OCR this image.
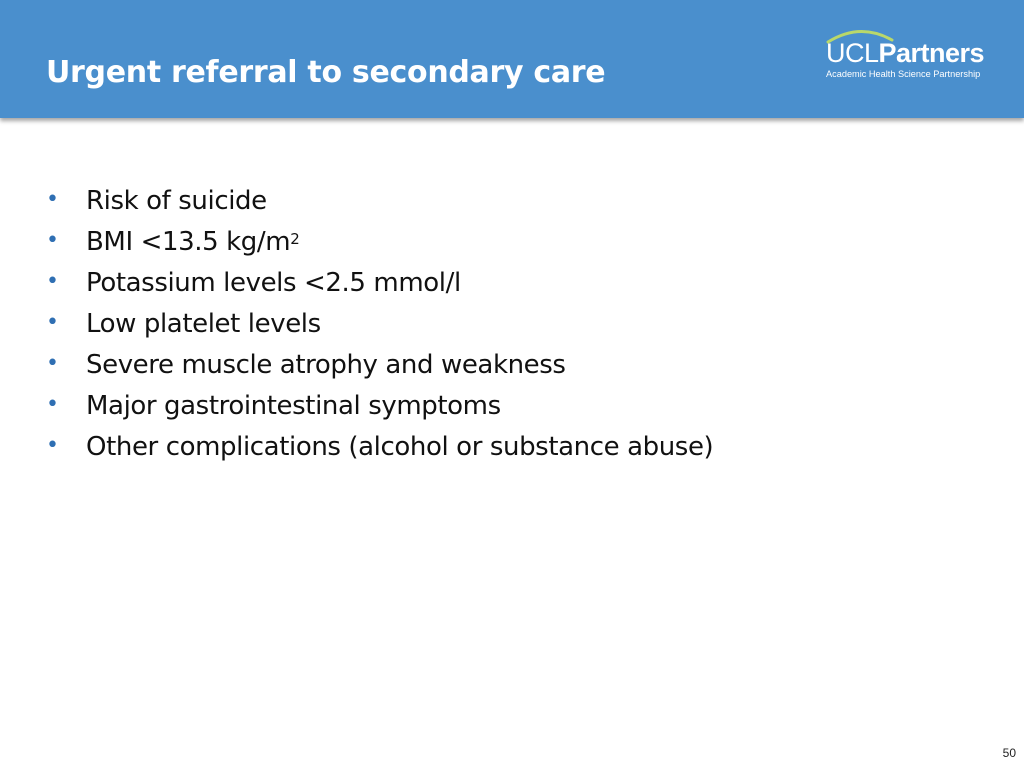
Urgent referral to secondary care
UCLPartners
Academic Health Science Partnership
• Risk of suicide
• BMI <13.5 $kg/m^2$
• Potassium levels <2.5 mmol/l
• Low platelet levels
• Severe muscle atrophy and weakness
• Major gastrointestinal symptoms
• Other complications (alcohol or substance abuse)
50
